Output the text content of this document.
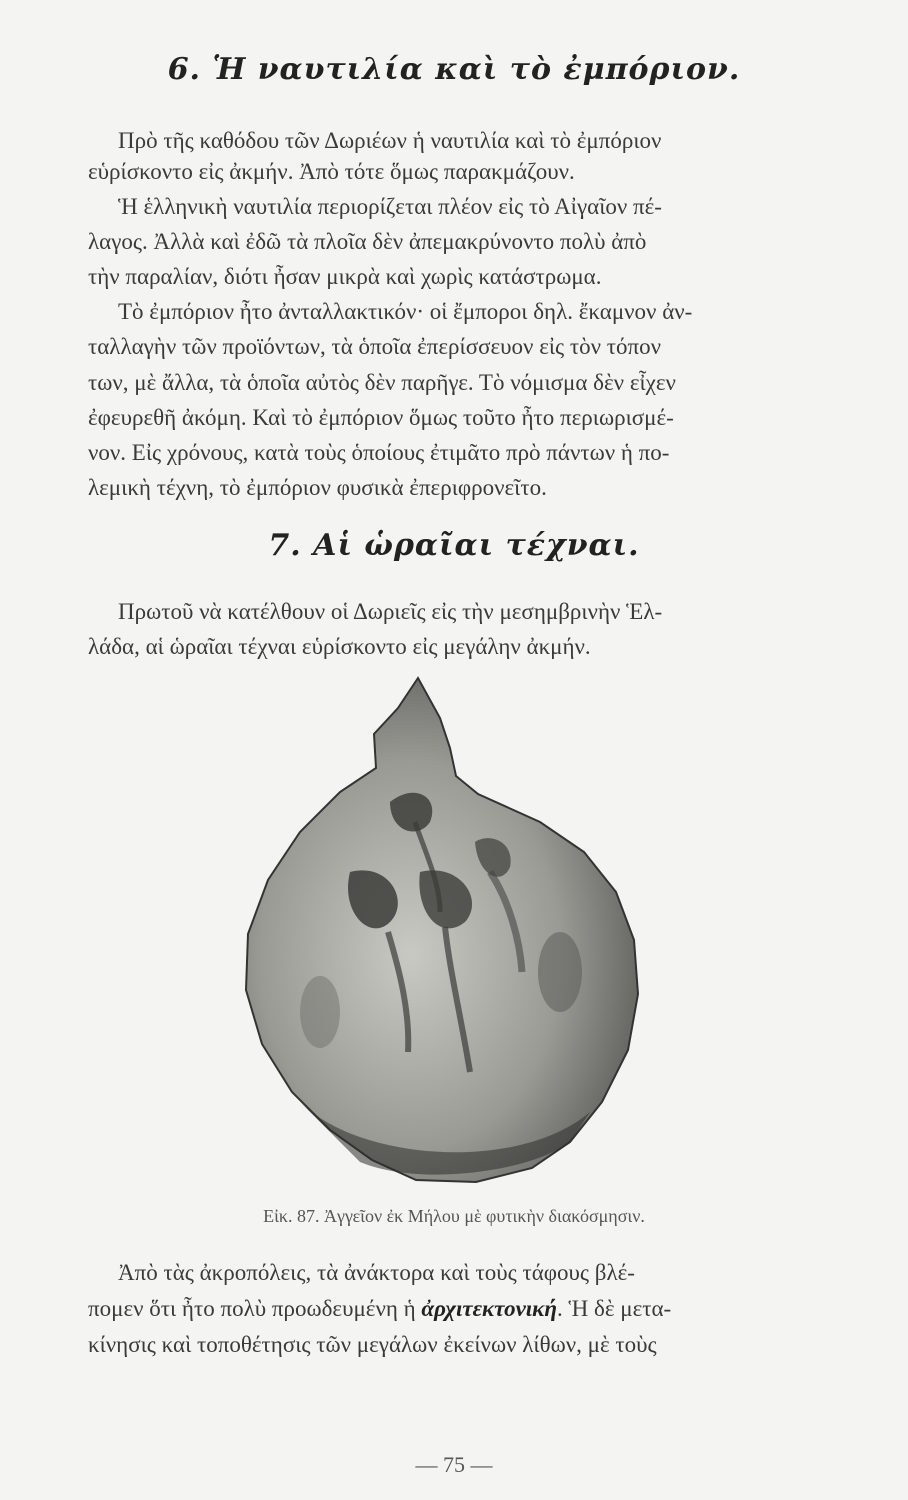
6. Ἡ ναυτιλία καὶ τὸ ἐμπόριον.
Πρὸ τῆς καθόδου τῶν Δωριέων ἡ ναυτιλία καὶ τὸ ἐμπόριον
εὑρίσκοντο εἰς ἀκμήν. Ἀπὸ τότε ὅμως παρακμάζουν.
Ἡ ἑλληνικὴ ναυτιλία περιορίζεται πλέον εἰς τὸ Αἰγαῖον πέ-
λαγος. Ἀλλὰ καὶ ἐδῶ τὰ πλοῖα δὲν ἀπεμακρύνοντο πολὺ ἀπὸ
τὴν παραλίαν, διότι ἦσαν μικρὰ καὶ χωρὶς κατάστρωμα.
Τὸ ἐμπόριον ἦτο ἀνταλλακτικόν· οἱ ἔμποροι δηλ. ἔκαμνον ἀν-
ταλλαγὴν τῶν προϊόντων, τὰ ὁποῖα ἐπερίσσευον εἰς τὸν τόπον
των, μὲ ἄλλα, τὰ ὁποῖα αὐτὸς δὲν παρῆγε. Τὸ νόμισμα δὲν εἶχεν
ἐφευρεθῆ ἀκόμη. Καὶ τὸ ἐμπόριον ὅμως τοῦτο ἦτο περιωρισμέ-
νον. Εἰς χρόνους, κατὰ τοὺς ὁποίους ἐτιμᾶτο πρὸ πάντων ἡ πο-
λεμικὴ τέχνη, τὸ ἐμπόριον φυσικὰ ἐπεριφρονεῖτο.
7. Αἱ ὡραῖαι τέχναι.
Πρωτοῦ νὰ κατέλθουν οἱ Δωριεῖς εἰς τὴν μεσημβρινὴν Ἑλ-
λάδα, αἱ ὡραῖαι τέχναι εὑρίσκοντο εἰς μεγάλην ἀκμήν.
Εἰκ. 87. Ἀγγεῖον ἐκ Μήλου μὲ φυτικὴν διακόσμησιν.
Ἀπὸ τὰς ἀκροπόλεις, τὰ ἀνάκτορα καὶ τοὺς τάφους βλέ-
πομεν ὅτι ἦτο πολὺ προωδευμένη ἡ ἀρχιτεκτονική. Ἡ δὲ μετα-
κίνησις καὶ τοποθέτησις τῶν μεγάλων ἐκείνων λίθων, μὲ τοὺς
— 75 —
